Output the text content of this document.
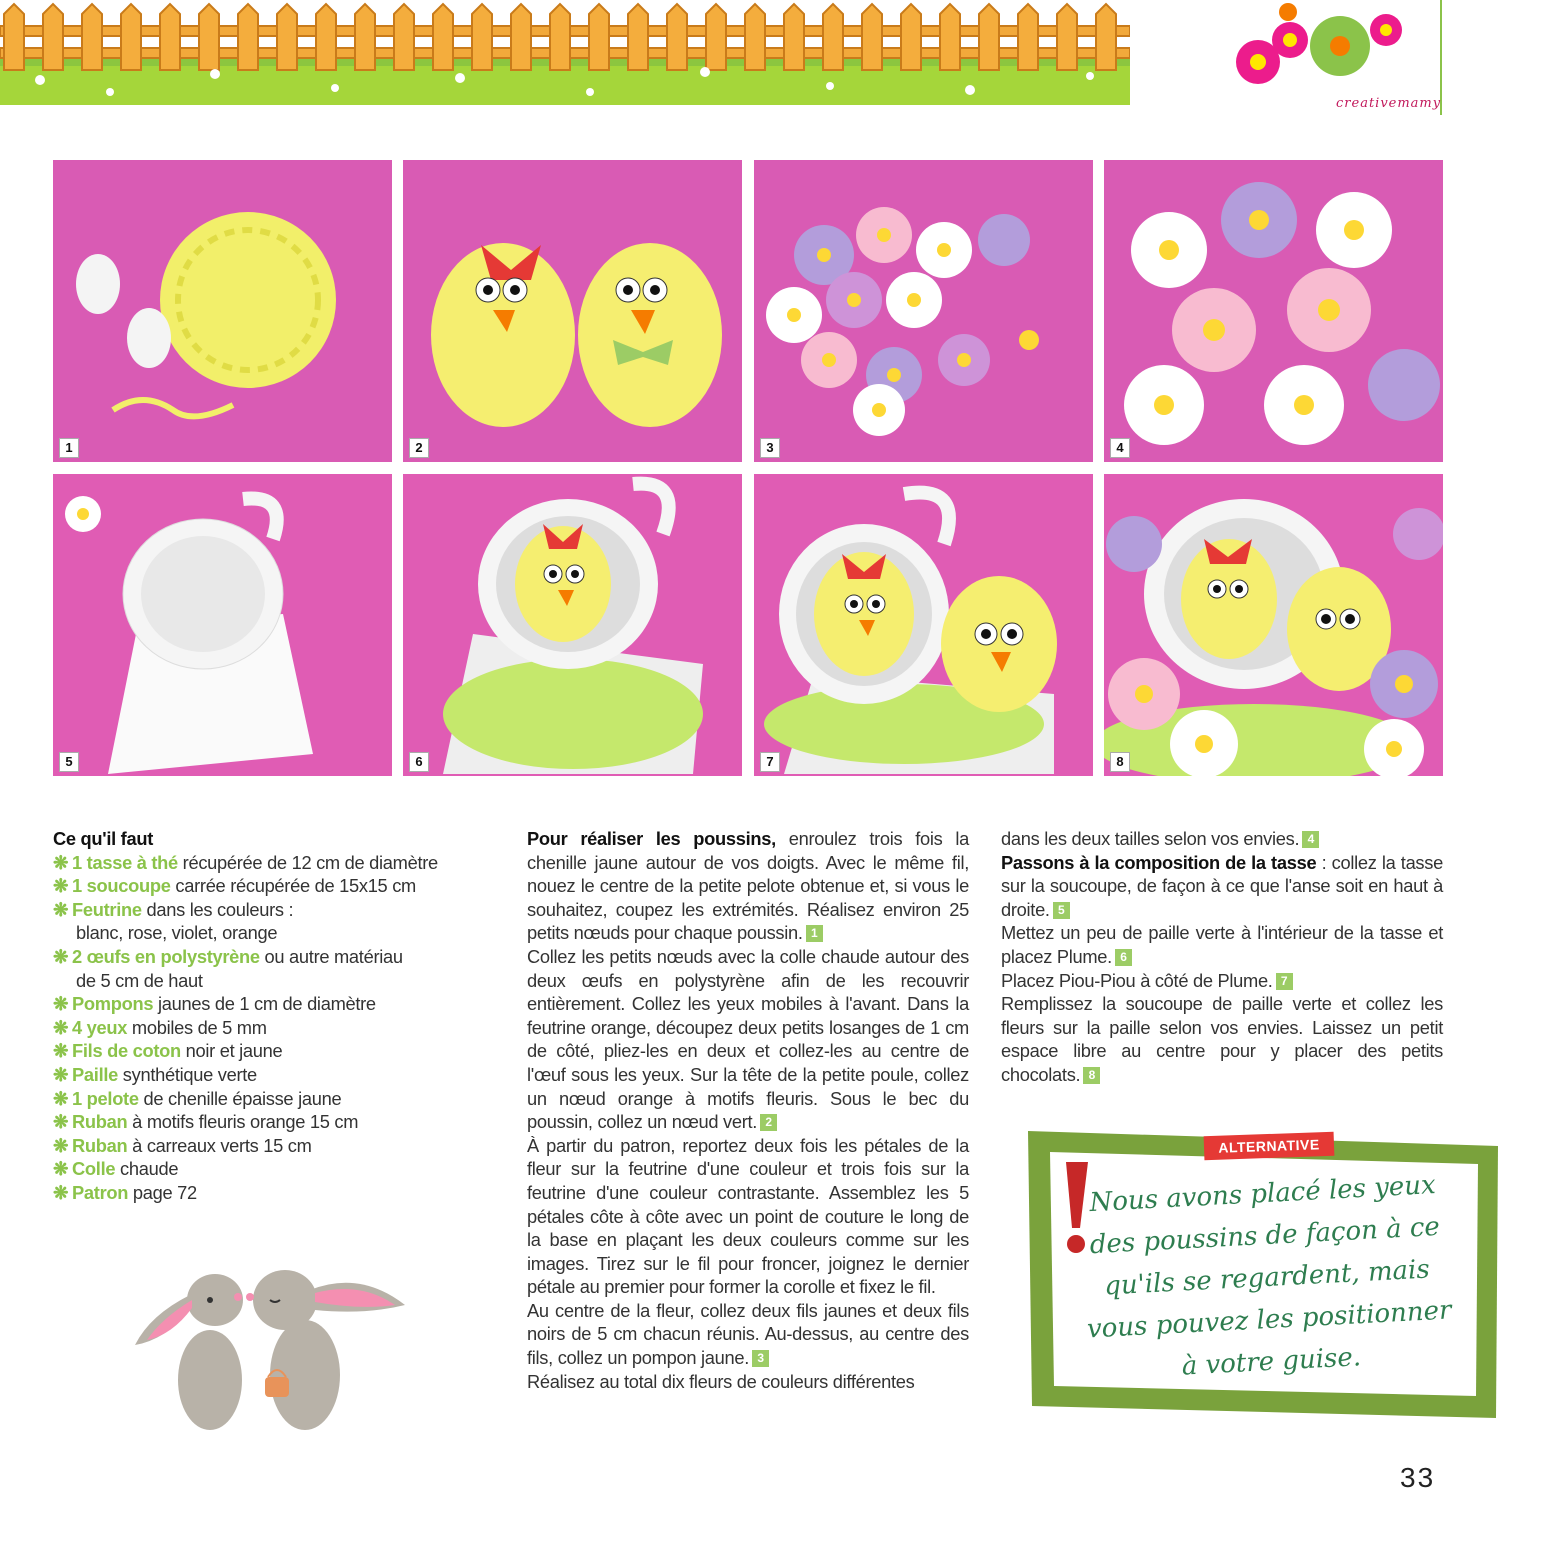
creativemamy
1	2	3	4
5	6	7	8
Ce qu'il faut

❋ 1 tasse à thé récupérée de 12 cm de diamètre

❋ 1 soucoupe carrée récupérée de 15x15 cm

❋ Feutrine dans les couleurs :

blanc, rose, violet, orange

❋ 2 œufs en polystyrène ou autre matériau

de 5 cm de haut

❋ Pompons jaunes de 1 cm de diamètre

❋ 4 yeux mobiles de 5 mm

❋ Fils de coton noir et jaune

❋ Paille synthétique verte

❋ 1 pelote de chenille épaisse jaune

❋ Ruban à motifs fleuris orange 15 cm

❋ Ruban à carreaux verts 15 cm

❋ Colle chaude

❋ Patron page 72

Pour réaliser les poussins, enroulez trois fois la chenille jaune autour de vos doigts. Avec le même fil, nouez le centre de la petite pelote obtenue et, si vous le souhaitez, coupez les extrémités. Réalisez environ 25 petits nœuds pour chaque poussin. 1

Collez les petits nœuds avec la colle chaude autour des deux œufs en polystyrène afin de les recouvrir entièrement. Collez les yeux mobiles à l'avant. Dans la feutrine orange, découpez deux petits losanges de 1 cm de côté, pliez-les en deux et collez-les au centre de l'œuf sous les yeux. Sur la tête de la petite poule, collez un nœud orange à motifs fleuris. Sous le bec du poussin, collez un nœud vert. 2

À partir du patron, reportez deux fois les pétales de la fleur sur la feutrine d'une couleur et trois fois sur la feutrine d'une couleur contrastante. Assemblez les 5 pétales côte à côte avec un point de couture le long de la base en plaçant les deux couleurs comme sur les images. Tirez sur le fil pour froncer, joignez le dernier pétale au premier pour former la corolle et fixez le fil.

Au centre de la fleur, collez deux fils jaunes et deux fils noirs de 5 cm chacun réunis. Au-dessus, au centre des fils, collez un pompon jaune. 3

Réalisez au total dix fleurs de couleurs différentes

dans les deux tailles selon vos envies. 4

Passons à la composition de la tasse : collez la tasse sur la soucoupe, de façon à ce que l'anse soit en haut à droite. 5

Mettez un peu de paille verte à l'intérieur de la tasse et placez Plume. 6

Placez Piou-Piou à côté de Plume. 7

Remplissez la soucoupe de paille verte et collez les fleurs sur la paille selon vos envies. Laissez un petit espace libre au centre pour y placer des petits chocolats. 8

ALTERNATIVE
Nous avons placé les yeux des poussins de façon à ce qu'ils se regardent, mais vous pouvez les positionner à votre guise.
33
